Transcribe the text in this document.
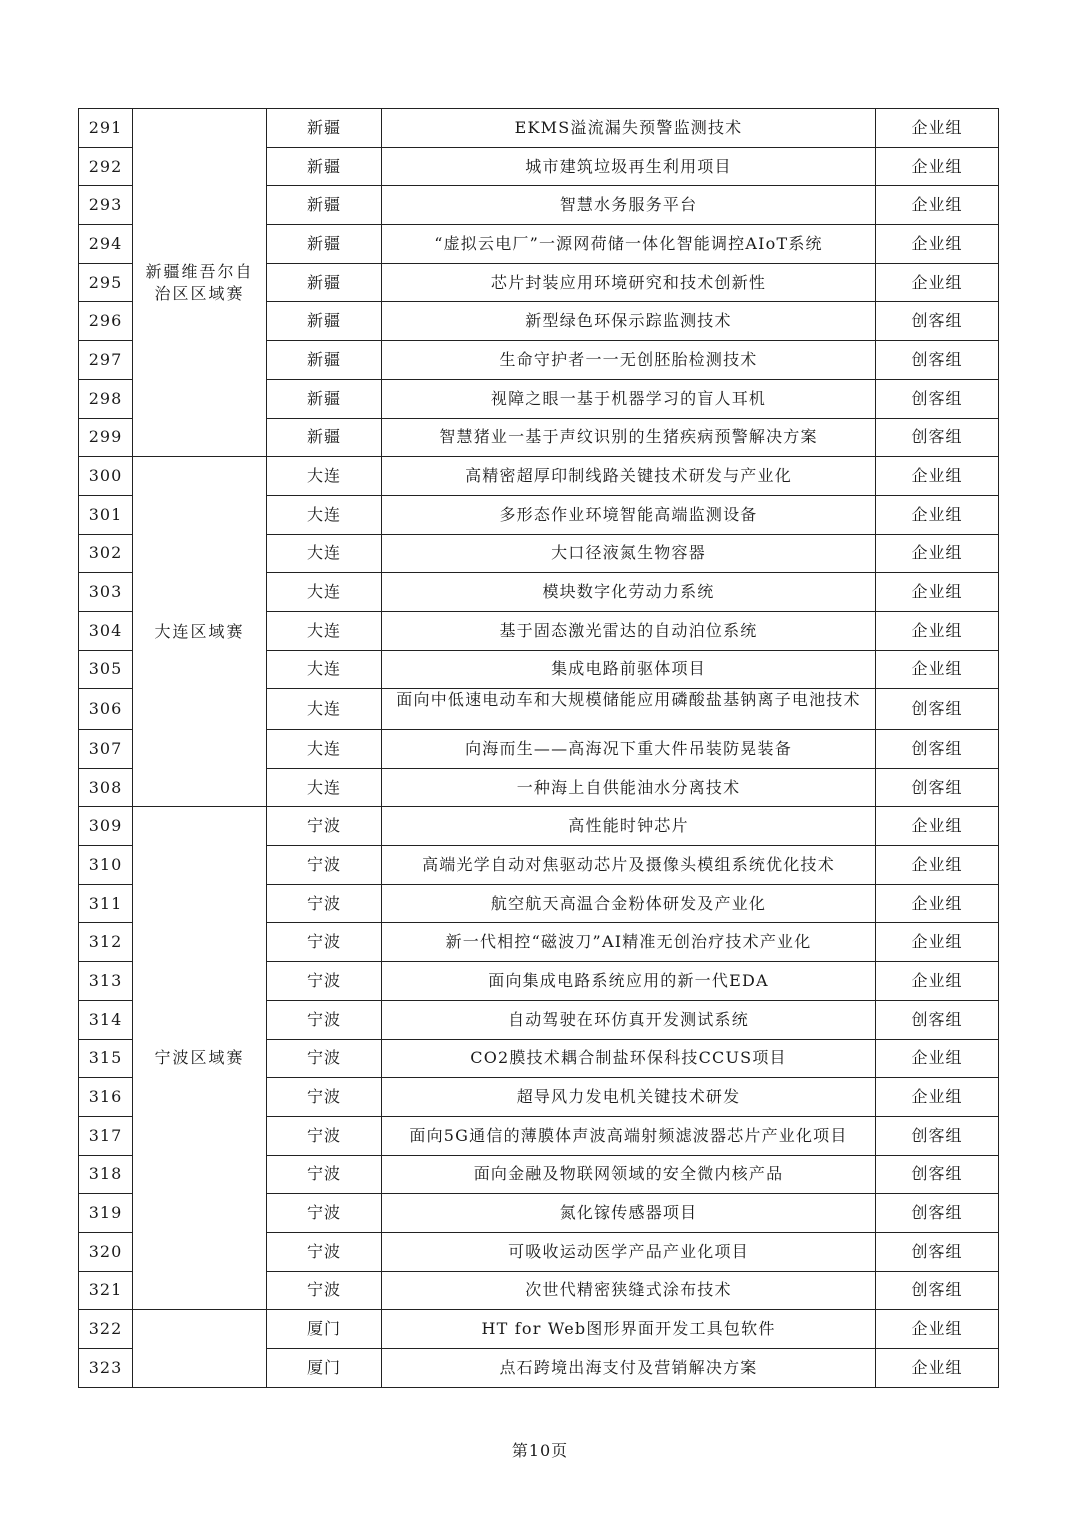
291	新疆维吾尔自治区区域赛	新疆	EKMS溢流漏失预警监测技术	企业组
292		新疆	城市建筑垃圾再生利用项目	企业组
293		新疆	智慧水务服务平台	企业组
294		新疆	“虚拟云电厂”一源网荷储一体化智能调控AIoT系统	企业组
295		新疆	芯片封装应用环境研究和技术创新性	企业组
296		新疆	新型绿色环保示踪监测技术	创客组
297		新疆	生命守护者一一无创胚胎检测技术	创客组
298		新疆	视障之眼一基于机器学习的盲人耳机	创客组
299		新疆	智慧猪业一基于声纹识别的生猪疾病预警解决方案	创客组
300	大连区域赛	大连	高精密超厚印制线路关键技术研发与产业化	企业组
301		大连	多形态作业环境智能高端监测设备	企业组
302		大连	大口径液氮生物容器	企业组
303		大连	模块数字化劳动力系统	企业组
304		大连	基于固态激光雷达的自动泊位系统	企业组
305		大连	集成电路前驱体项目	企业组
306		大连	面向中低速电动车和大规模储能应用磷酸盐基钠离子电池技术	创客组
307		大连	向海而生——高海况下重大件吊装防晃装备	创客组
308		大连	一种海上自供能油水分离技术	创客组
309	宁波区域赛	宁波	高性能时钟芯片	企业组
310		宁波	高端光学自动对焦驱动芯片及摄像头模组系统优化技术	企业组
311		宁波	航空航天高温合金粉体研发及产业化	企业组
312		宁波	新一代相控“磁波刀”AI精准无创治疗技术产业化	企业组
313		宁波	面向集成电路系统应用的新一代EDA	企业组
314		宁波	自动驾驶在环仿真开发测试系统	创客组
315		宁波	CO2膜技术耦合制盐环保科技CCUS项目	企业组
316		宁波	超导风力发电机关键技术研发	企业组
317		宁波	面向5G通信的薄膜体声波高端射频滤波器芯片产业化项目	创客组
318		宁波	面向金融及物联网领域的安全微内核产品	创客组
319		宁波	氮化镓传感器项目	创客组
320		宁波	可吸收运动医学产品产业化项目	创客组
321		宁波	次世代精密狭缝式涂布技术	创客组
322		厦门	HT for Web图形界面开发工具包软件	企业组
323		厦门	点石跨境出海支付及营销解决方案	企业组
第10页
